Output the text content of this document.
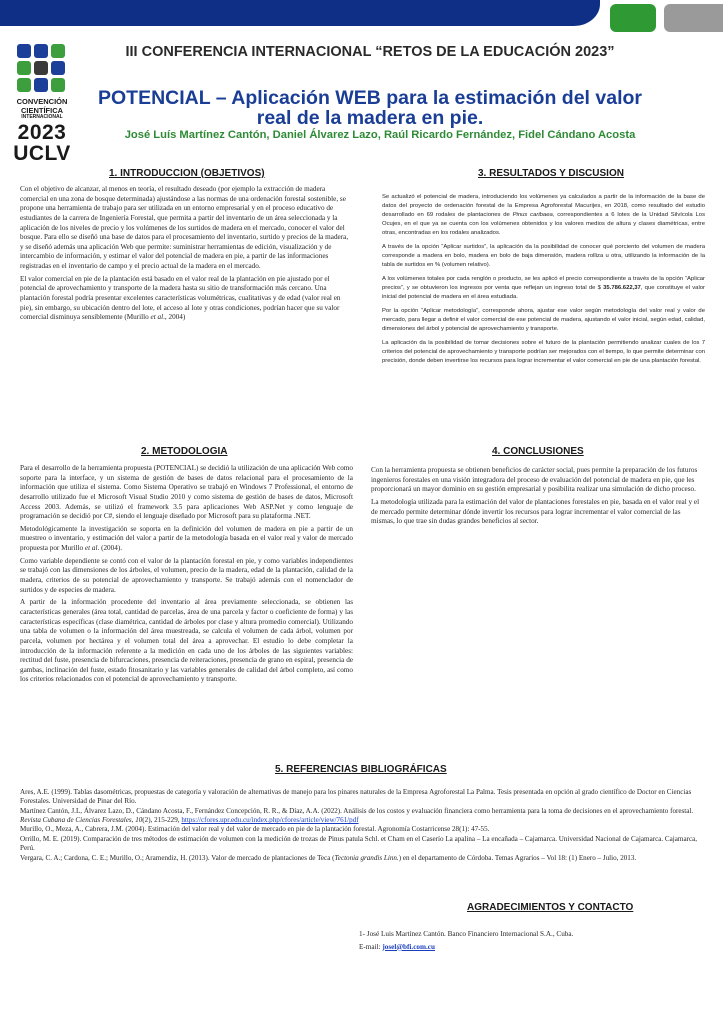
CONVENCIÓN
CIENTÍFICA
INTERNACIONAL
2023
UCLV
III CONFERENCIA INTERNACIONAL “RETOS DE LA EDUCACIÓN 2023”
POTENCIAL – Aplicación WEB para la estimación del valor
real de la madera en pie.
José Luís Martínez Cantón, Daniel Álvarez Lazo, Raúl Ricardo Fernández, Fidel Cándano Acosta
1. INTRODUCCION (OBJETIVOS)

Con el objetivo de alcanzar, al menos en teoría, el resultado deseado (por ejemplo la extracción de madera comercial en una zona de bosque determinada) ajustándose a las normas de una ordenación forestal sostenible, se propone una herramienta de trabajo para ser utilizada en un entorno empresarial y en el proceso educativo de estudiantes de la carrera de Ingeniería Forestal, que permita a partir del inventario de un área seleccionada y la aplicación de los niveles de precio y los volúmenes de los surtidos de madera en el mercado, conocer el valor del bosque. Para ello se diseñó una base de datos para el procesamiento del inventario, surtido y precios de la madera, y se diseñó además una aplicación Web que permite: suministrar herramientas de edición, visualización y de intercambio de información, y estimar el valor del potencial de madera en pie, a partir de las informaciones registradas en el inventario de campo y el precio actual de la madera en el mercado.

El valor comercial en pie de la plantación está basado en el valor real de la plantación en pie ajustado por el potencial de aprovechamiento y transporte de la madera hasta su sitio de transformación más cercano. Una plantación forestal podría presentar excelentes características volumétricas, cualitativas y de edad (valor real en pie), sin embargo, su ubicación dentro del lote, el acceso al lote y otras condiciones, podrían hacer que su valor comercial disminuya sensiblemente (Murillo et al., 2004)

3. RESULTADOS Y DISCUSION

Se actualizó el potencial de madera, introduciendo los volúmenes ya calculados a partir de la información de la base de datos del proyecto de ordenación forestal de la Empresa Agroforestal Macurijes, en 2018, como resultado del estudio desarrollado en 69 rodales de plantaciones de Pinus caribaea, correspondientes a 6 lotes de la Unidad Silvícola Los Ocujes, en el que ya se cuenta con los volúmenes obtenidos y los valores medios de altura y clases diamétricas, entre otras, encontradas en los rodales analizados.

A través de la opción “Aplicar surtidos”, la aplicación da la posibilidad de conocer qué porciento del volumen de madera corresponde a madera en bolo, madera en bolo de baja dimensión, madera rolliza u otra, utilizando la información de la tabla de surtidos en % (volumen relativo).

A los volúmenes totales por cada renglón o producto, se les aplicó el precio correspondiente a través de la opción “Aplicar precios”, y se obtuvieron los ingresos por venta que reflejan un ingreso total de $ 35.786.622,37, que constituye el valor inicial del potencial de madera en el área estudiada.

Por la opción “Aplicar metodología”, corresponde ahora, ajustar ese valor según metodología del valor real y valor de mercado, para llegar a definir el valor comercial de ese potencial de madera, ajustando el valor inicial, según edad, calidad, dimensiones del árbol y potencial de aprovechamiento y transporte.

La aplicación da la posibilidad de tomar decisiones sobre el futuro de la plantación permitiendo analizar cuales de los 7 criterios del potencial de aprovechamiento y transporte podrían ser mejorados con el tiempo, lo que permite determinar con precisión, donde deben invertirse los recursos para lograr incrementar el valor comercial en pie de una plantación forestal.

2. METODOLOGIA

Para el desarrollo de la herramienta propuesta (POTENCIAL) se decidió la utilización de una aplicación Web como soporte para la interface, y un sistema de gestión de bases de datos relacional para el procesamiento de la información que utiliza el sistema. Como Sistema Operativo se trabajó en Windows 7 Professional, el entorno de desarrollo utilizado fue el Microsoft Visual Studio 2010 y como sistema de gestión de bases de datos, Microsoft Access 2003. Además, se utilizó el framework 3.5 para aplicaciones Web ASP.Net y como lenguaje de programación se decidió por C#, siendo el lenguaje diseñado por Microsoft para su plataforma .NET.

Metodológicamente la investigación se soporta en la definición del volumen de madera en pie a partir de un muestreo o inventario, y estimación del valor a partir de la metodología basada en el valor real y valor de mercado propuesta por Murillo et al. (2004).

Como variable dependiente se contó con el valor de la plantación forestal en pie, y como variables independientes se trabajó con las dimensiones de los árboles, el volumen, precio de la madera, edad de la plantación, calidad de la madera, criterios de su potencial de aprovechamiento y transporte. Se trabajó además con el nomenclador de surtidos y de especies de madera.

A partir de la información procedente del inventario al área previamente seleccionada, se obtienen las características generales (área total, cantidad de parcelas, área de una parcela y factor o coeficiente de forma) y las características específicas (clase diamétrica, cantidad de árboles por clase y altura promedio comercial). Utilizando una tabla de volumen o la información del área muestreada, se calcula el volumen de cada árbol, volumen por parcela, volumen por hectárea y el volumen total del área a aprovechar. El estudio lo debe completar la introducción de la información referente a la medición en cada uno de los árboles de las siguientes variables: rectitud del fuste, presencia de bifurcaciones, presencia de reiteraciones, presencia de grano en espiral, presencia de gambas, inclinación del fuste, estado fitosanitario y las variables generales de calidad del árbol completo, así como los criterios relacionados con el potencial de aprovechamiento y transporte.

4. CONCLUSIONES

Con la herramienta propuesta se obtienen beneficios de carácter social, pues permite la preparación de los futuros ingenieros forestales en una visión integradora del proceso de evaluación del potencial de madera en pie, que les proporcionará un mayor dominio en su gestión empresarial y posibilita realizar una simulación de dicho proceso.

La metodología utilizada para la estimación del valor de plantaciones forestales en pie, basada en el valor real y el de mercado permite determinar dónde invertir los recursos para lograr incrementar el valor comercial de las mismas, lo que trae sin dudas grandes beneficios al sector.

5. REFERENCIAS BIBLIOGRÁFICAS

Ares, A.E. (1999). Tablas dasométricas, propuestas de categoría y valoración de alternativas de manejo para los pinares naturales de la Empresa Agroforestal La Palma. Tesis presentada en opción al grado científico de Doctor en Ciencias Forestales. Universidad de Pinar del Río.

Martínez Cantón, J.L, Álvarez Lazo, D., Cándano Acosta, F., Fernández Concepción, R. R., & Díaz, A.A. (2022). Análisis de los costos y evaluación financiera como herramienta para la toma de decisiones en el aprovechamiento forestal. Revista Cubana de Ciencias Forestales, 10(2), 215-229, https://cfores.upr.edu.cu/index.php/cfores/article/view/761/pdf

Murillo, O., Meza, A., Cabrera, J.M. (2004). Estimación del valor real y del valor de mercado en pie de la plantación forestal. Agronomía Costarricense 28(1): 47-55.

Orrillo, M. E. (2019). Comparación de tres métodos de estimación de volumen con la medición de trozas de Pinus patula Schl. et Cham en el Caserío La apalina – La encañada – Cajamarca. Universidad Nacional de Cajamarca. Cajamarca, Perú.

Vergara, C. A.; Cardona, C. E.; Murillo, O.; Aramendiz, H. (2013). Valor de mercado de plantaciones de Teca (Tectonia grandis Linn.) en el departamento de Córdoba. Temas Agrarios – Vol 18: (1) Enero – Julio, 2013.

AGRADECIMIENTOS Y CONTACTO

1- José Luis Martínez Cantón. Banco Financiero Internacional S.A., Cuba.

E-mail: josel@bfi.com.cu
